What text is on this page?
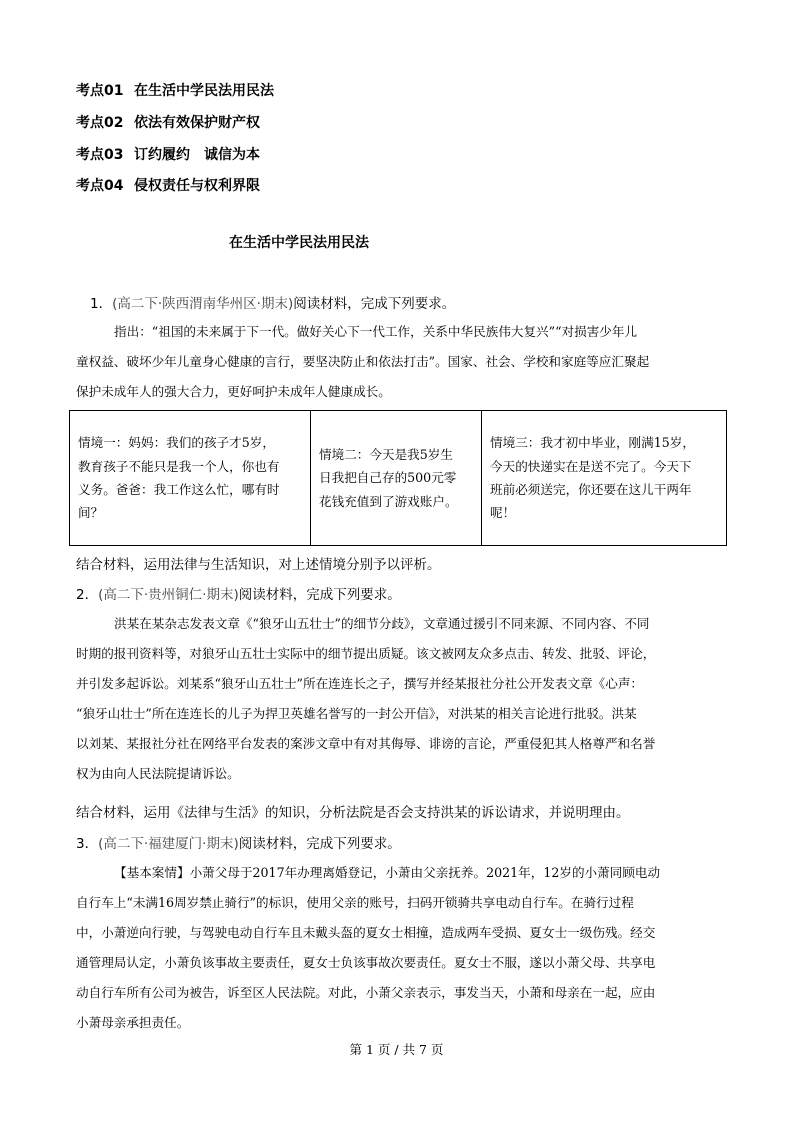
考点01 在生活中学民法用民法
考点02 依法有效保护财产权
考点03 订约履约　诚信为本
考点04 侵权责任与权利界限
在生活中学民法用民法
1．(高二下·陕西渭南华州区·期末)阅读材料，完成下列要求。
指出：“祖国的未来属于下一代。做好关心下一代工作，关系中华民族伟大复兴”“对损害少年儿
童权益、破坏少年儿童身心健康的言行，要坚决防止和依法打击”。国家、社会、学校和家庭等应汇聚起
保护未成年人的强大合力，更好呵护未成年人健康成长。
情境一：妈妈：我们的孩子才5岁，
教育孩子不能只是我一个人，你也有
义务。爸爸：我工作这么忙，哪有时
间？

情境二：今天是我5岁生
日我把自己存的500元零
花钱充值到了游戏账户。

情境三：我才初中毕业，刚满15岁，
今天的快递实在是送不完了。今天下
班前必须送完，你还要在这儿干两年
呢！
结合材料，运用法律与生活知识，对上述情境分别予以评析。
2．(高二下·贵州铜仁·期末)阅读材料，完成下列要求。
洪某在某杂志发表文章《“狼牙山五壮士”的细节分歧》，文章通过援引不同来源、不同内容、不同
时期的报刊资料等，对狼牙山五壮士实际中的细节提出质疑。该文被网友众多点击、转发、批驳、评论，
并引发多起诉讼。刘某系“狼牙山五壮士”所在连连长之子，撰写并经某报社分社公开发表文章《心声：
“狼牙山壮士”所在连连长的儿子为捍卫英雄名誉写的一封公开信》，对洪某的相关言论进行批驳。洪某
以刘某、某报社分社在网络平台发表的案涉文章中有对其侮辱、诽谤的言论，严重侵犯其人格尊严和名誉
权为由向人民法院提请诉讼。
结合材料，运用《法律与生活》的知识，分析法院是否会支持洪某的诉讼请求，并说明理由。
3．(高二下·福建厦门·期末)阅读材料，完成下列要求。
【基本案情】小萧父母于2017年办理离婚登记，小萧由父亲抚养。2021年，12岁的小萧同顾电动
自行车上“未满16周岁禁止骑行”的标识，使用父亲的账号，扫码开锁骑共享电动自行车。在骑行过程
中，小萧逆向行驶，与驾驶电动自行车且未戴头盔的夏女士相撞，造成两车受损、夏女士一级伤残。经交
通管理局认定，小萧负该事故主要责任，夏女士负该事故次要责任。夏女士不服，遂以小萧父母、共享电
动自行车所有公司为被告，诉至区人民法院。对此，小萧父亲表示，事发当天，小萧和母亲在一起，应由
小萧母亲承担责任。
第 1 页 / 共 7 页
